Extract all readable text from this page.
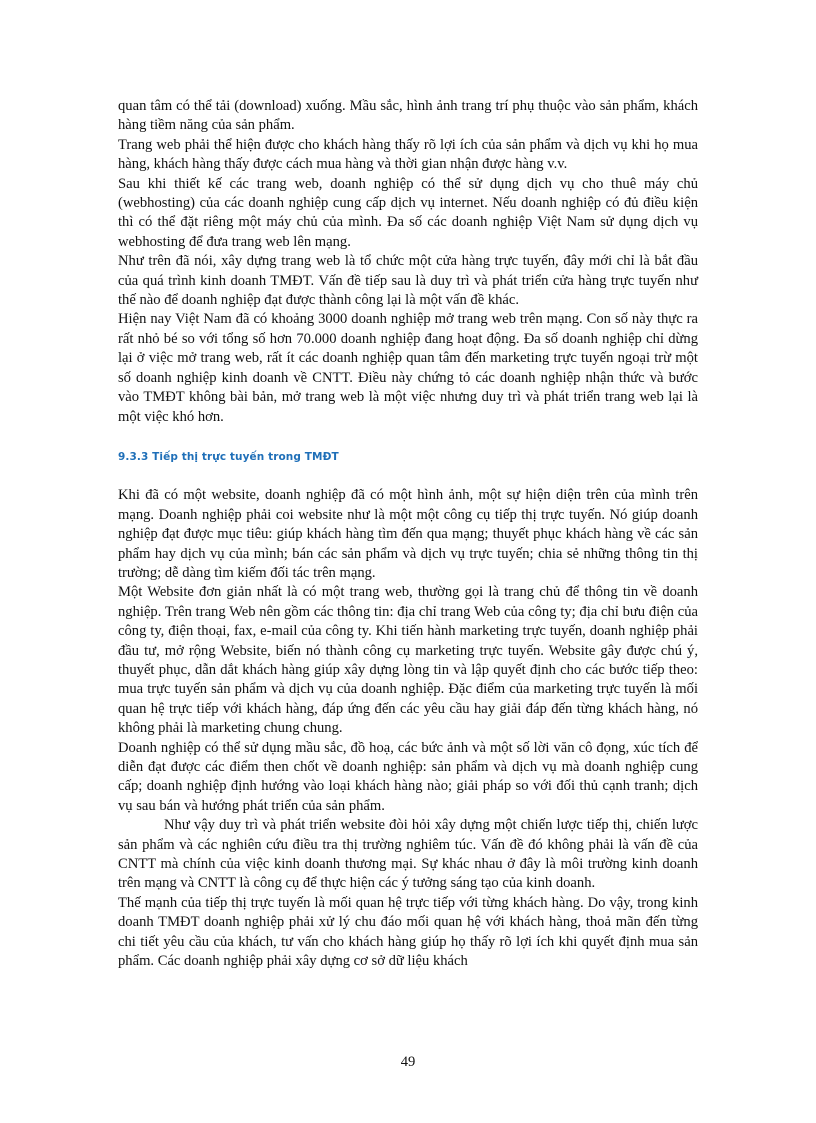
quan tâm có thể tải (download) xuống. Mầu sắc, hình ảnh trang trí phụ thuộc vào sản phẩm, khách hàng tiềm năng của sản phẩm.

Trang web phải thể hiện được cho khách hàng thấy rõ lợi ích của sản phẩm và dịch vụ khi họ mua hàng, khách hàng thấy được cách mua hàng và thời gian nhận được hàng v.v.

Sau khi thiết kế các trang web, doanh nghiệp có thể sử dụng dịch vụ cho thuê máy chủ (webhosting) của các doanh nghiệp cung cấp dịch vụ internet. Nếu doanh nghiệp có đủ điều kiện thì có thể đặt riêng một máy chủ của mình. Đa số các doanh nghiệp Việt Nam sử dụng dịch vụ webhosting để đưa trang web lên mạng.

Như trên đã nói, xây dựng trang web là tổ chức một cửa hàng trực tuyến, đây mới chỉ là bắt đầu của quá trình kinh doanh TMĐT. Vấn đề tiếp sau là duy trì và phát triển cửa hàng trực tuyến như thế nào để doanh nghiệp đạt được thành công lại là một vấn đề khác.

Hiện nay Việt Nam đã có khoảng 3000 doanh nghiệp mở trang web trên mạng. Con số này thực ra rất nhỏ bé so với tổng số hơn 70.000 doanh nghiệp đang hoạt động. Đa số doanh nghiệp chỉ dừng lại ở việc mở trang web, rất ít các doanh nghiệp quan tâm đến marketing trực tuyến ngoại trừ một số doanh nghiệp kinh doanh về CNTT. Điều này chứng tỏ các doanh nghiệp nhận thức và bước vào TMĐT không bài bản, mở trang web là một việc nhưng duy trì và phát triển trang web lại là một việc khó hơn.

9.3.3 Tiếp thị trực tuyến trong TMĐT

Khi đã có một website, doanh nghiệp đã có một hình ảnh, một sự hiện diện trên của mình trên mạng. Doanh nghiệp phải coi website như là một một công cụ tiếp thị trực tuyến. Nó giúp doanh nghiệp đạt được mục tiêu: giúp khách hàng tìm đến qua mạng; thuyết phục khách hàng về các sản phẩm hay dịch vụ của mình; bán các sản phẩm và dịch vụ trực tuyến; chia sẻ những thông tin thị trường; dễ dàng tìm kiếm đối tác trên mạng.

Một Website đơn giản nhất là có một trang web, thường gọi là trang chủ để thông tin về doanh nghiệp. Trên trang Web nên gồm các thông tin: địa chỉ trang Web của công ty; địa chỉ bưu điện của công ty, điện thoại, fax, e-mail của công ty. Khi tiến hành marketing trực tuyến, doanh nghiệp phải đầu tư, mở rộng Website, biến nó thành công cụ marketing trực tuyến. Website gây được chú ý, thuyết phục, dẫn dắt khách hàng giúp xây dựng lòng tin và lập quyết định cho các bước tiếp theo: mua trực tuyến sản phẩm và dịch vụ của doanh nghiệp. Đặc điểm của marketing trực tuyến là mối quan hệ trực tiếp với khách hàng, đáp ứng đến các yêu cầu hay giải đáp đến từng khách hàng, nó không phải là marketing chung chung.

Doanh nghiệp có thể sử dụng mầu sắc, đồ hoạ, các bức ảnh và một số lời văn cô đọng, xúc tích để diễn đạt được các điểm then chốt về doanh nghiệp: sản phẩm và dịch vụ mà doanh nghiệp cung cấp; doanh nghiệp định hướng vào loại khách hàng nào; giải pháp so với đối thủ cạnh tranh; dịch vụ sau bán và hướng phát triển của sản phẩm.

Như vậy duy trì và phát triển website đòi hỏi xây dựng một chiến lược tiếp thị, chiến lược sản phẩm và các nghiên cứu điều tra thị trường nghiêm túc. Vấn đề đó không phải là vấn đề của CNTT mà chính của việc kinh doanh thương mại. Sự khác nhau ở đây là môi trường kinh doanh trên mạng và CNTT là công cụ để thực hiện các ý tưởng sáng tạo của kinh doanh.

Thế mạnh của tiếp thị trực tuyến là mối quan hệ trực tiếp với từng khách hàng. Do vậy, trong kinh doanh TMĐT doanh nghiệp phải xử lý chu đáo mối quan hệ với khách hàng, thoả mãn đến từng chi tiết yêu cầu của khách, tư vấn cho khách hàng giúp họ thấy rõ lợi ích khi quyết định mua sản phẩm. Các doanh nghiệp phải xây dựng cơ sở dữ liệu khách

49
